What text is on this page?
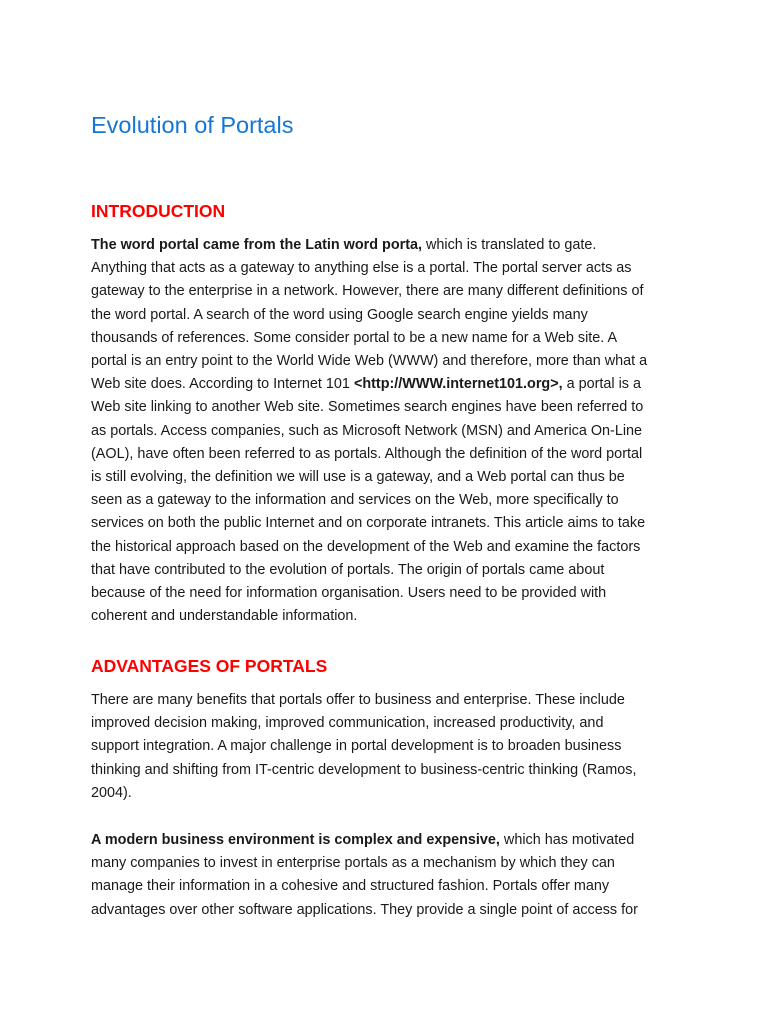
Evolution of Portals
INTRODUCTION

The word portal came from the Latin word porta, which is translated to gate.
Anything that acts as a gateway to anything else is a portal. The portal server acts as
gateway to the enterprise in a network. However, there are many different definitions of
the word portal. A search of the word using Google search engine yields many
thousands of references. Some consider portal to be a new name for a Web site. A
portal is an entry point to the World Wide Web (WWW) and therefore, more than what a
Web site does. According to Internet 101 <http://WWW.internet101.org>, a portal is a
Web site linking to another Web site. Sometimes search engines have been referred to
as portals. Access companies, such as Microsoft Network (MSN) and America On-Line
(AOL), have often been referred to as portals. Although the definition of the word portal
is still evolving, the definition we will use is a gateway, and a Web portal can thus be
seen as a gateway to the information and services on the Web, more specifically to
services on both the public Internet and on corporate intranets. This article aims to take
the historical approach based on the development of the Web and examine the factors
that have contributed to the evolution of portals. The origin of portals came about
because of the need for information organisation. Users need to be provided with
coherent and understandable information.

ADVANTAGES OF PORTALS

There are many benefits that portals offer to business and enterprise. These include
improved decision making, improved communication, increased productivity, and
support integration. A major challenge in portal development is to broaden business
thinking and shifting from IT-centric development to business-centric thinking (Ramos,
2004).

A modern business environment is complex and expensive, which has motivated
many companies to invest in enterprise portals as a mechanism by which they can
manage their information in a cohesive and structured fashion. Portals offer many
advantages over other software applications. They provide a single point of access for
